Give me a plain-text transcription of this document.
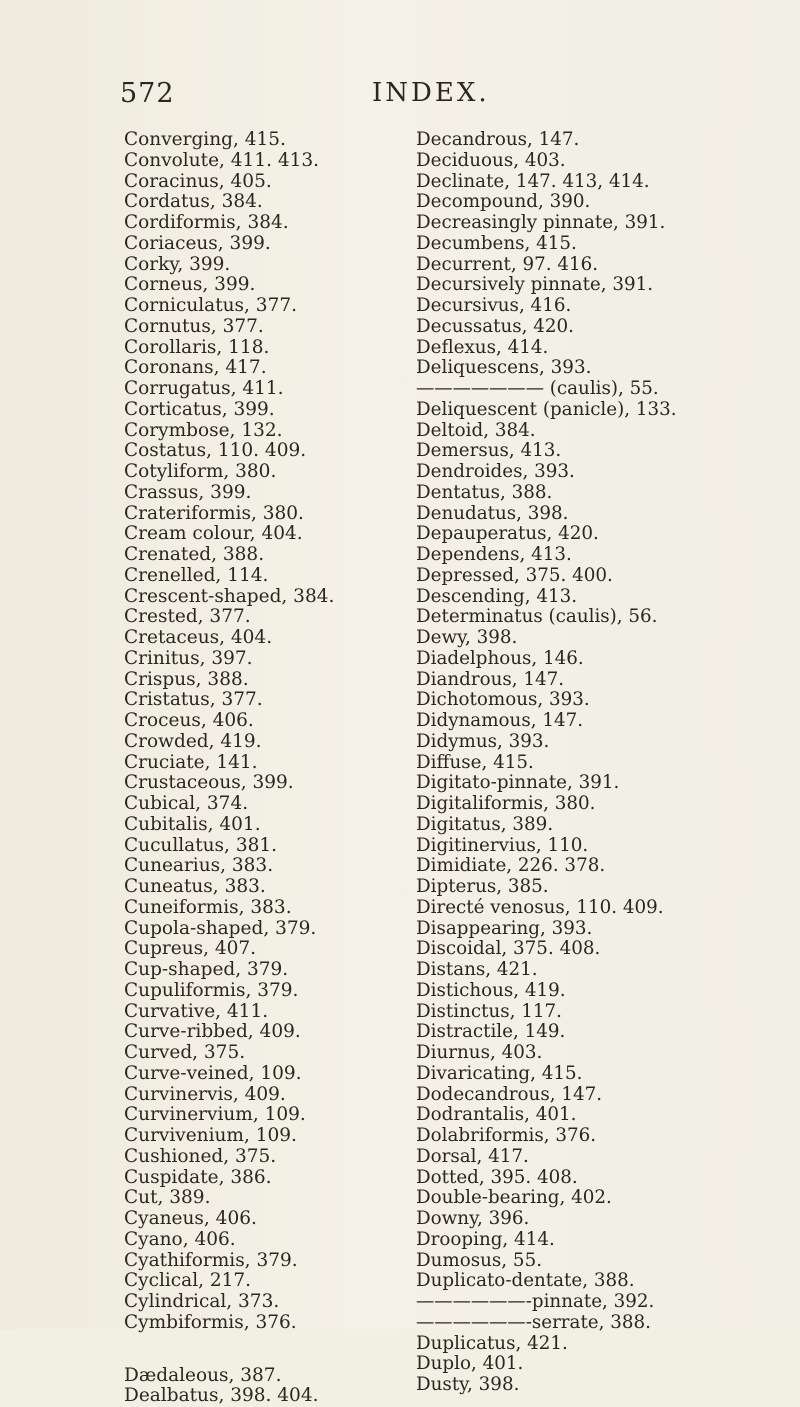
572	INDEX.
Converging, 415.
Convolute, 411. 413.
Coracinus, 405.
Cordatus, 384.
Cordiformis, 384.
Coriaceus, 399.
Corky, 399.
Corneus, 399.
Corniculatus, 377.
Cornutus, 377.
Corollaris, 118.
Coronans, 417.
Corrugatus, 411.
Corticatus, 399.
Corymbose, 132.
Costatus, 110. 409.
Cotyliform, 380.
Crassus, 399.
Crateriformis, 380.
Cream colour, 404.
Crenated, 388.
Crenelled, 114.
Crescent-shaped, 384.
Crested, 377.
Cretaceus, 404.
Crinitus, 397.
Crispus, 388.
Cristatus, 377.
Croceus, 406.
Crowded, 419.
Cruciate, 141.
Crustaceous, 399.
Cubical, 374.
Cubitalis, 401.
Cucullatus, 381.
Cunearius, 383.
Cuneatus, 383.
Cuneiformis, 383.
Cupola-shaped, 379.
Cupreus, 407.
Cup-shaped, 379.
Cupuliformis, 379.
Curvative, 411.
Curve-ribbed, 409.
Curved, 375.
Curve-veined, 109.
Curvinervis, 409.
Curvinervium, 109.
Curvivenium, 109.
Cushioned, 375.
Cuspidate, 386.
Cut, 389.
Cyaneus, 406.
Cyano, 406.
Cyathiformis, 379.
Cyclical, 217.
Cylindrical, 373.
Cymbiformis, 376.
Dædaleous, 387.
Dealbatus, 398. 404.
Decandrous, 147.
Deciduous, 403.
Declinate, 147. 413, 414.
Decompound, 390.
Decreasingly pinnate, 391.
Decumbens, 415.
Decurrent, 97. 416.
Decursively pinnate, 391.
Decursivus, 416.
Decussatus, 420.
Deflexus, 414.
Deliquescens, 393.
——————— (caulis), 55.
Deliquescent (panicle), 133.
Deltoid, 384.
Demersus, 413.
Dendroides, 393.
Dentatus, 388.
Denudatus, 398.
Depauperatus, 420.
Dependens, 413.
Depressed, 375. 400.
Descending, 413.
Determinatus (caulis), 56.
Dewy, 398.
Diadelphous, 146.
Diandrous, 147.
Dichotomous, 393.
Didynamous, 147.
Didymus, 393.
Diffuse, 415.
Digitato-pinnate, 391.
Digitaliformis, 380.
Digitatus, 389.
Digitinervius, 110.
Dimidiate, 226. 378.
Dipterus, 385.
Directé venosus, 110. 409.
Disappearing, 393.
Discoidal, 375. 408.
Distans, 421.
Distichous, 419.
Distinctus, 117.
Distractile, 149.
Diurnus, 403.
Divaricating, 415.
Dodecandrous, 147.
Dodrantalis, 401.
Dolabriformis, 376.
Dorsal, 417.
Dotted, 395. 408.
Double-bearing, 402.
Downy, 396.
Drooping, 414.
Dumosus, 55.
Duplicato-dentate, 388.
——————-pinnate, 392.
——————-serrate, 388.
Duplicatus, 421.
Duplo, 401.
Dusty, 398.
